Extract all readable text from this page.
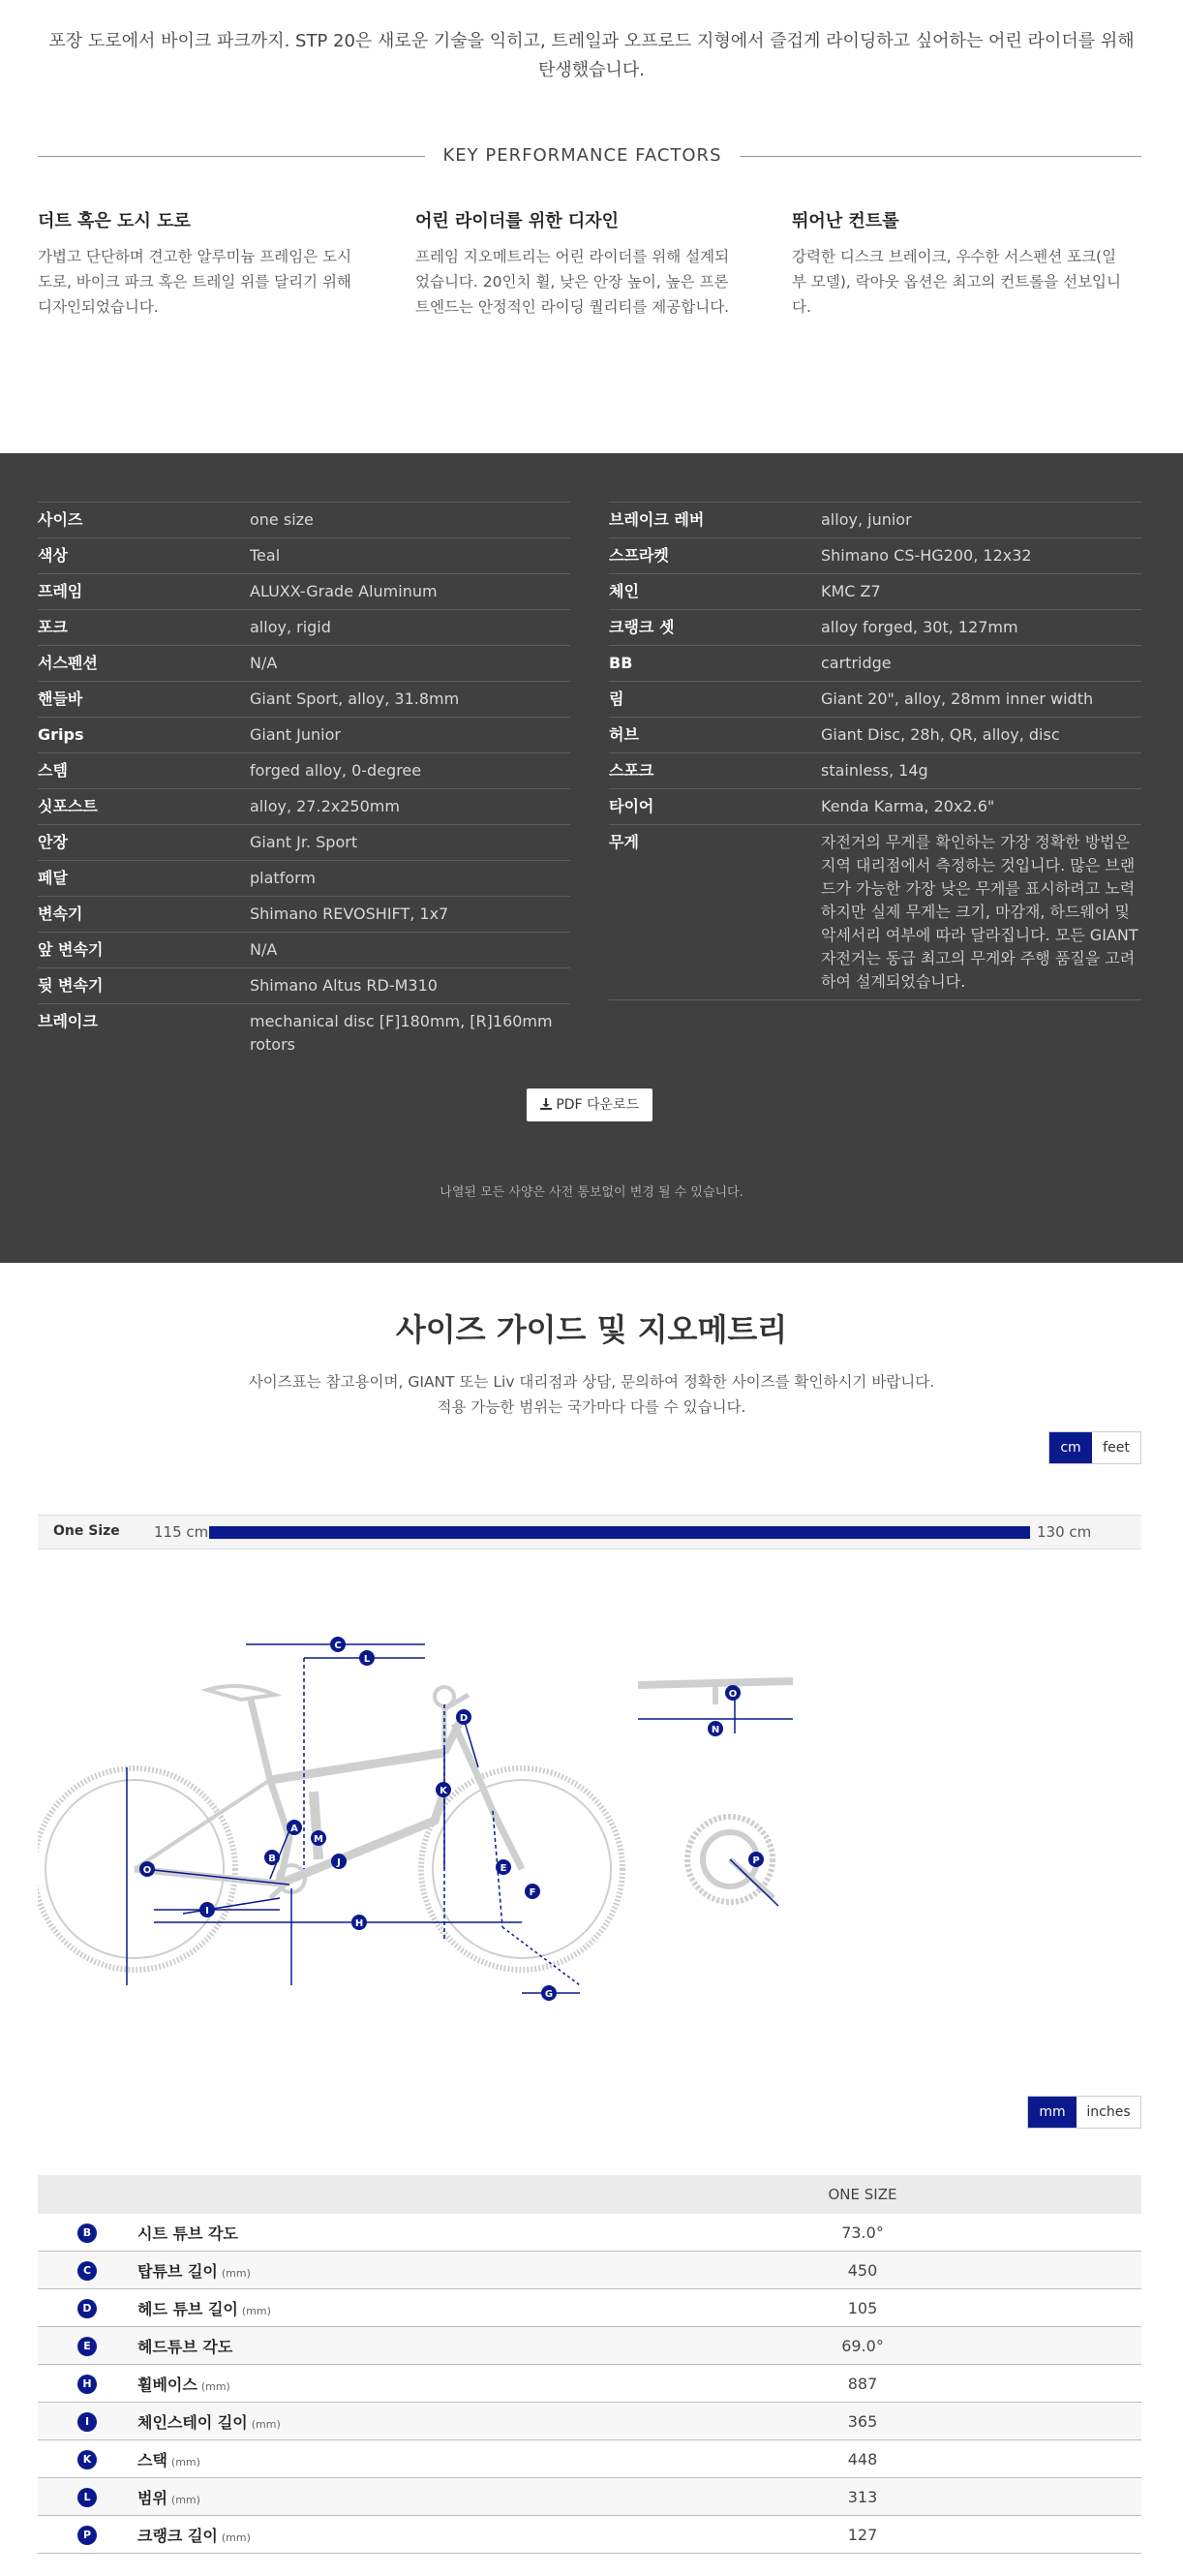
포장 도로에서 바이크 파크까지. STP 20은 새로운 기술을 익히고, 트레일과 오프로드 지형에서 즐겁게 라이딩하고 싶어하는 어린 라이더를 위해 탄생했습니다.
KEY PERFORMANCE FACTORS
더트 혹은 도시 도로

가볍고 단단하며 견고한 알루미늄 프레임은 도시 도로, 바이크 파크 혹은 트레일 위를 달리기 위해 디자인되었습니다.

어린 라이더를 위한 디자인

프레임 지오메트리는 어린 라이더를 위해 설계되었습니다. 20인치 휠, 낮은 안장 높이, 높은 프론트엔드는 안정적인 라이딩 퀄리티를 제공합니다.

뛰어난 컨트롤

강력한 디스크 브레이크, 우수한 서스펜션 포크(일부 모델), 락아웃 옵션은 최고의 컨트롤을 선보입니다.

사이즈	one size
색상	Teal
프레임	ALUXX-Grade Aluminum
포크	alloy, rigid
서스펜션	N/A
핸들바	Giant Sport, alloy, 31.8mm
Grips	Giant Junior
스템	forged alloy, 0-degree
싯포스트	alloy, 27.2x250mm
안장	Giant Jr. Sport
페달	platform
변속기	Shimano REVOSHIFT, 1x7
앞 변속기	N/A
뒷 변속기	Shimano Altus RD-M310
브레이크	mechanical disc [F]180mm, [R]160mm rotors
브레이크 레버	alloy, junior
스프라켓	Shimano CS-HG200, 12x32
체인	KMC Z7
크랭크 셋	alloy forged, 30t, 127mm
BB	cartridge
림	Giant 20", alloy, 28mm inner width
허브	Giant Disc, 28h, QR, alloy, disc
스포크	stainless, 14g
타이어	Kenda Karma, 20x2.6"
무게	자전거의 무게를 확인하는 가장 정확한 방법은 지역 대리점에서 측정하는 것입니다. 많은 브랜드가 가능한 가장 낮은 무게를 표시하려고 노력하지만 실제 무게는 크기, 마감재, 하드웨어 및 악세서리 여부에 따라 달라집니다. 모든 GIANT 자전거는 동급 최고의 무게와 주행 품질을 고려하여 설계되었습니다.
PDF 다운로드
나열된 모든 사양은 사전 통보없이 변경 될 수 있습니다.
사이즈 가이드 및 지오메트리
사이즈표는 참고용이며, GIANT 또는 Liv 대리점과 상담, 문의하여 정확한 사이즈를 확인하시기 바랍니다.
적용 가능한 범위는 국가마다 다를 수 있습니다.
cm	feet
One Size 115 cm	130 cm
A
B
C
D
E
F
G
H
I
J
K
L
M
N
O
O
P
mm	inches
		ONE SIZE
B	시트 튜브 각도	73.0°
C	탑튜브 길이 (mm)	450
D	헤드 튜브 길이 (mm)	105
E	헤드튜브 각도	69.0°
H	휠베이스 (mm)	887
I	체인스테이 길이 (mm)	365
K	스택 (mm)	448
L	범위 (mm)	313
P	크랭크 길이 (mm)	127
